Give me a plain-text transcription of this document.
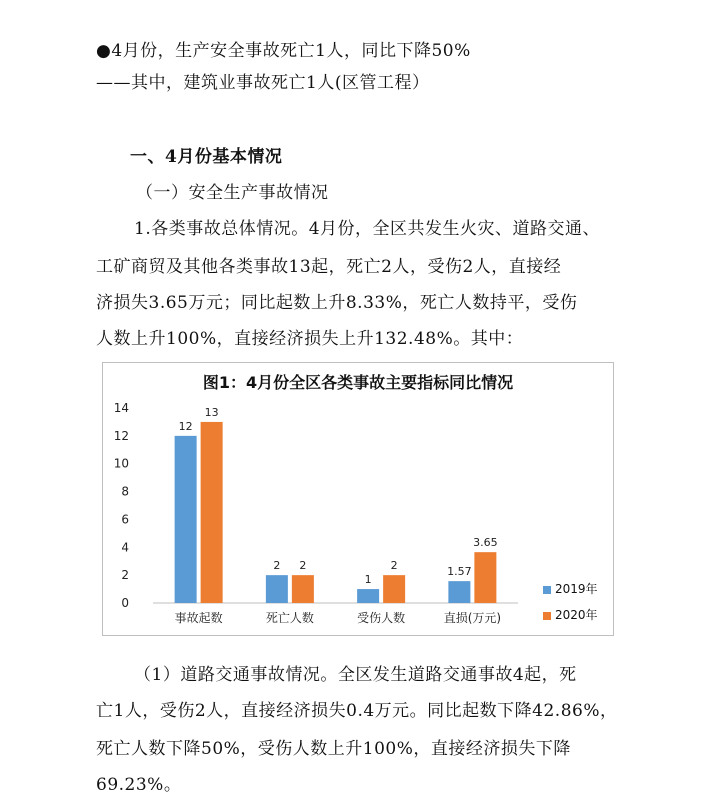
●4月份，生产安全事故死亡1人，同比下降50%
——其中，建筑业事故死亡1人(区管工程）
一、4月份基本情况
（一）安全生产事故情况
1.各类事故总体情况。4月份，全区共发生火灾、道路交通、
工矿商贸及其他各类事故13起，死亡2人，受伤2人，直接经
济损失3.65万元；同比起数上升8.33%，死亡人数持平，受伤
人数上升100%，直接经济损失上升132.48%。其中：
图1：4月份全区各类事故主要指标同比情况
0
2
4
6
8
10
12
14
12
13
事故起数
2 2
死亡人数
1
2
受伤人数
1.57
3.65
直损(万元)
2019年
2020年
（1）道路交通事故情况。全区发生道路交通事故4起，死
亡1人，受伤2人，直接经济损失0.4万元。同比起数下降42.86%，
死亡人数下降50%，受伤人数上升100%，直接经济损失下降
69.23%。
